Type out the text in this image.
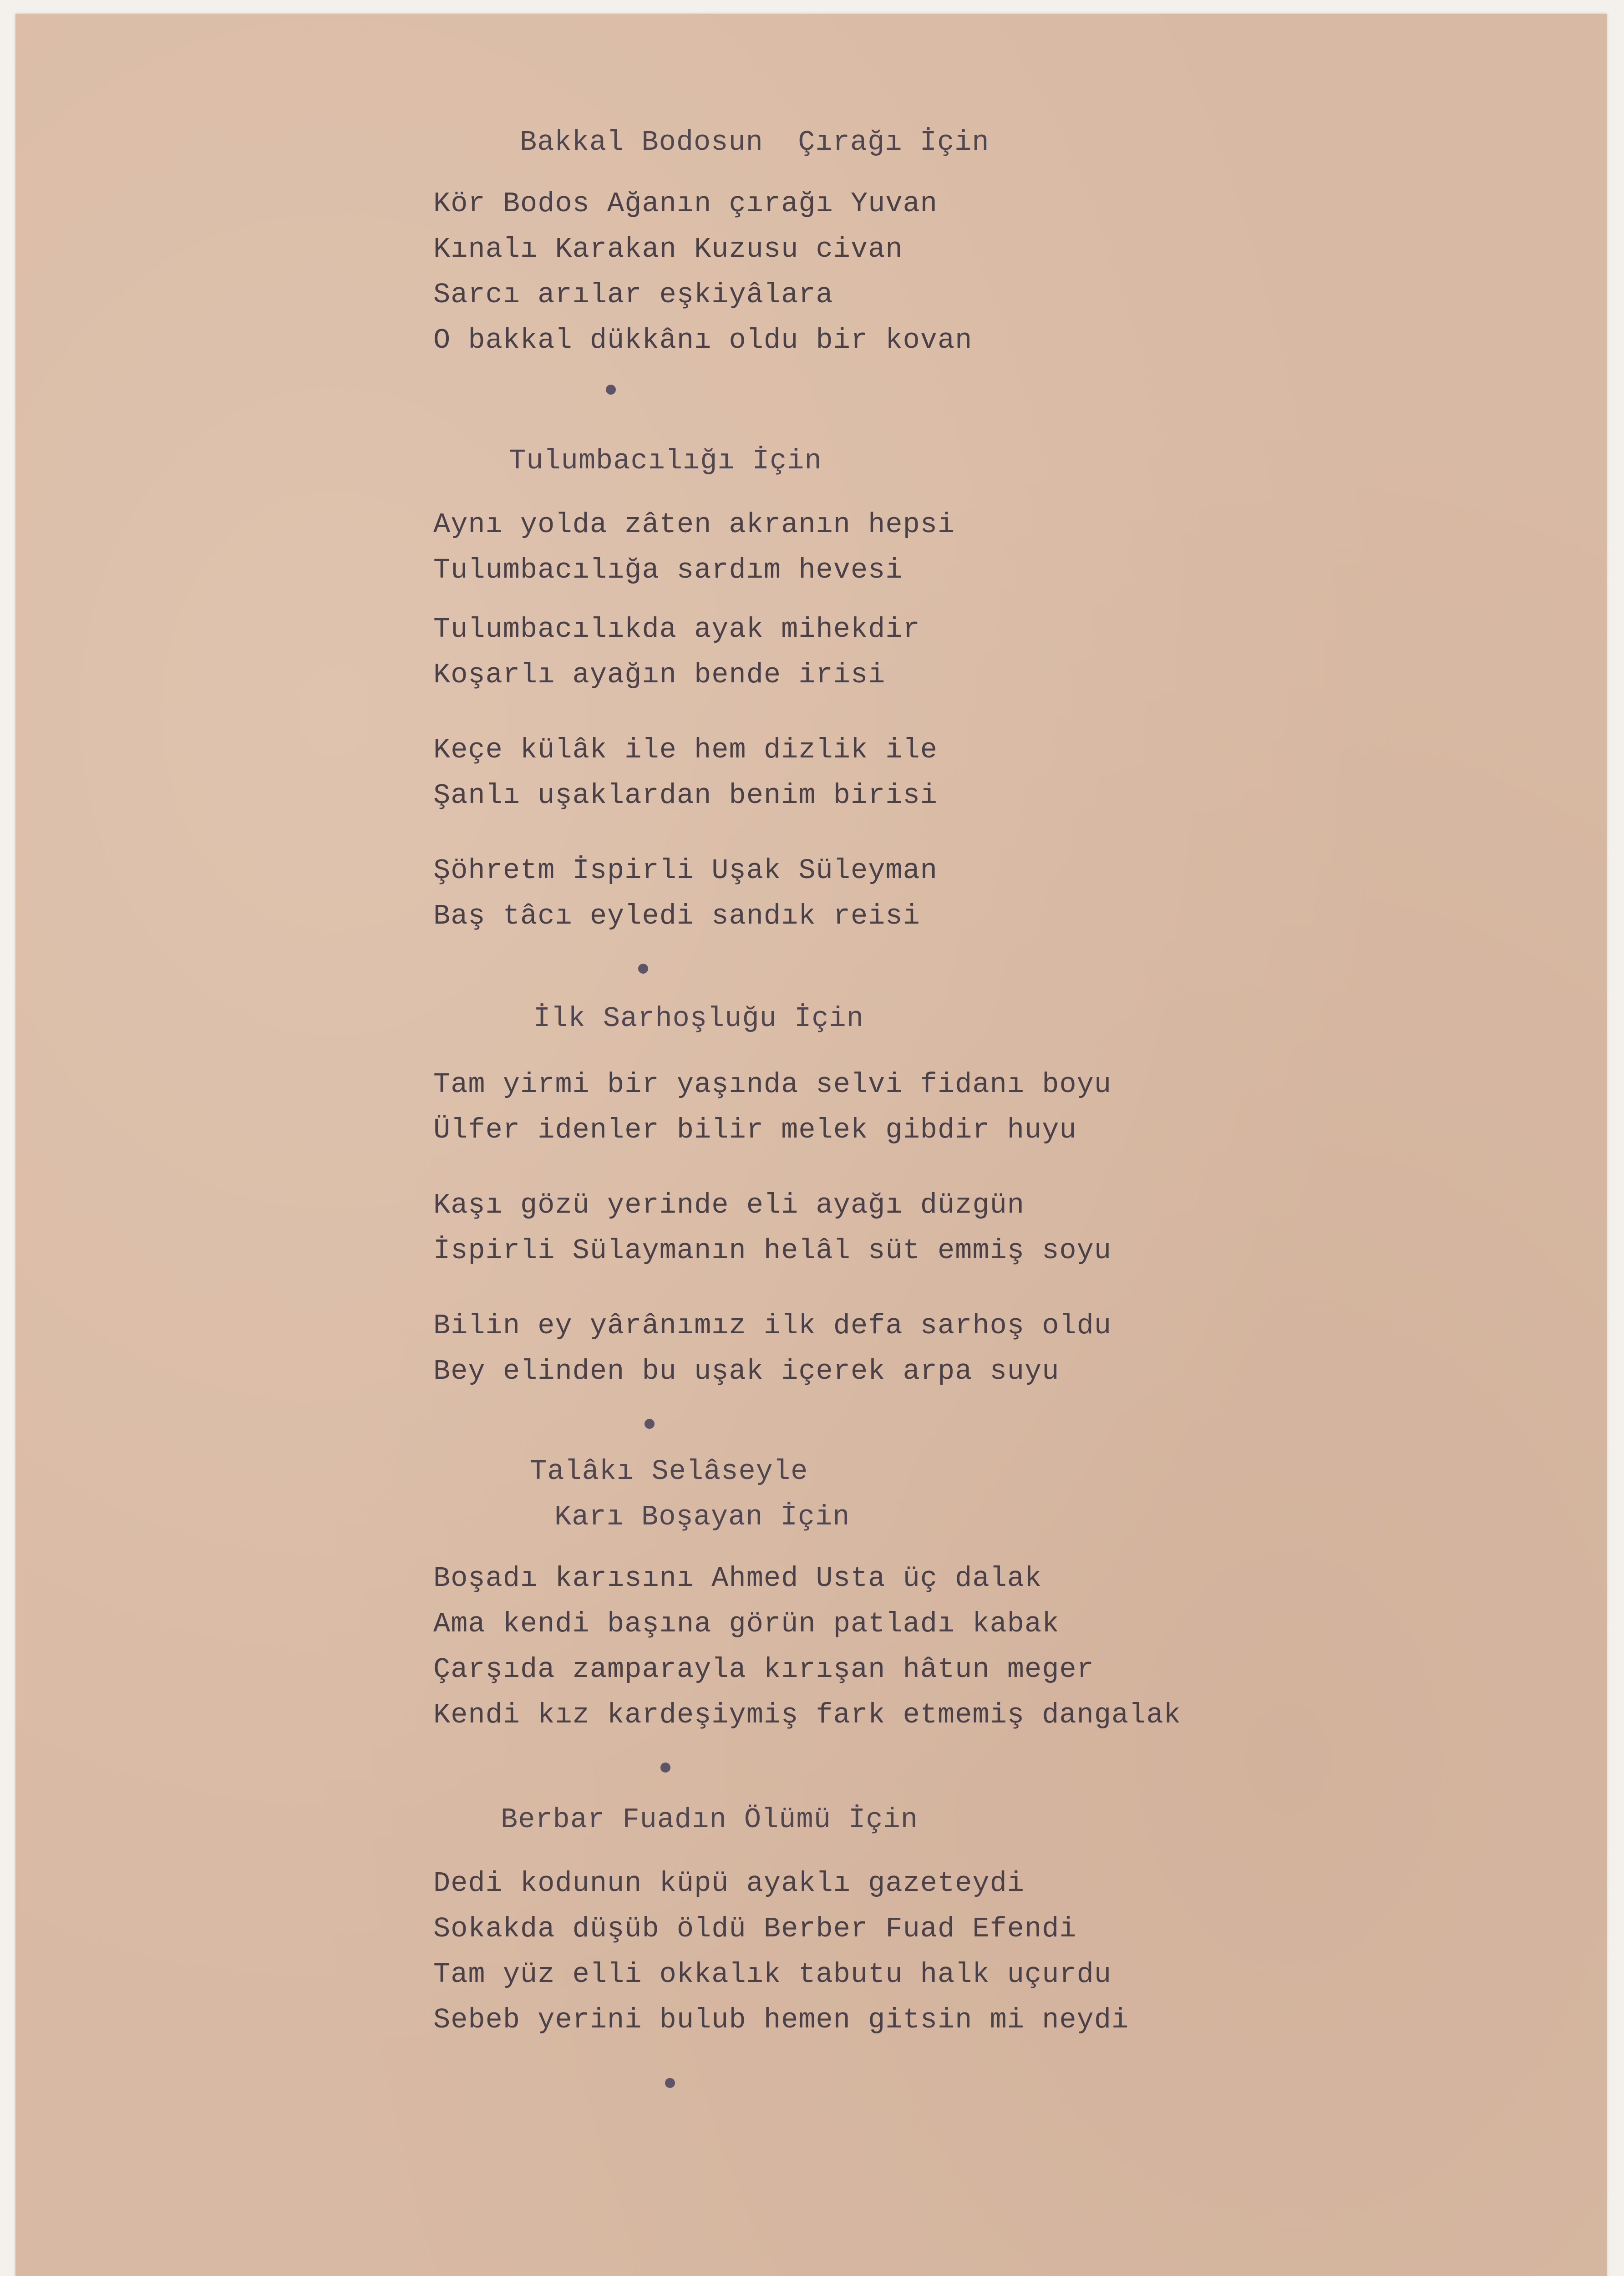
Bakkal Bodosun  Çırağı İçin
Kör Bodos Ağanın çırağı Yuvan
Kınalı Karakan Kuzusu civan
Sarcı arılar eşkiyâlara
O bakkal dükkânı oldu bir kovan
Tulumbacılığı İçin
Aynı yolda zâten akranın hepsi
Tulumbacılığa sardım hevesi
Tulumbacılıkda ayak mihekdir
Koşarlı ayağın bende irisi
Keçe külâk ile hem dizlik ile
Şanlı uşaklardan benim birisi
Şöhretm İspirli Uşak Süleyman
Baş tâcı eyledi sandık reisi
İlk Sarhoşluğu İçin
Tam yirmi bir yaşında selvi fidanı boyu
Ülfer idenler bilir melek gibdir huyu
Kaşı gözü yerinde eli ayağı düzgün
İspirli Sülaymanın helâl süt emmiş soyu
Bilin ey yârânımız ilk defa sarhoş oldu
Bey elinden bu uşak içerek arpa suyu
Talâkı Selâseyle
Karı Boşayan İçin
Boşadı karısını Ahmed Usta üç dalak
Ama kendi başına görün patladı kabak
Çarşıda zamparayla kırışan hâtun meger
Kendi kız kardeşiymiş fark etmemiş dangalak
Berbar Fuadın Ölümü İçin
Dedi kodunun küpü ayaklı gazeteydi
Sokakda düşüb öldü Berber Fuad Efendi
Tam yüz elli okkalık tabutu halk uçurdu
Sebeb yerini bulub hemen gitsin mi neydi
